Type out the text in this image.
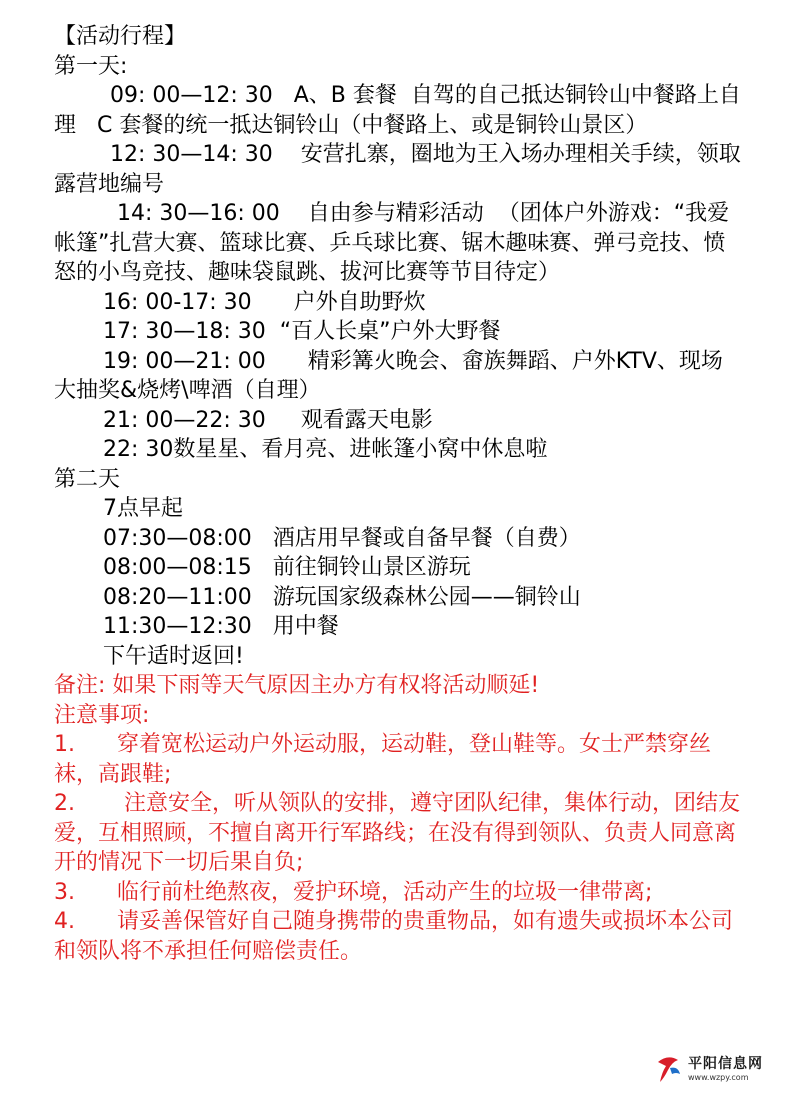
【活动行程】

第一天:

09: 00—12: 30   A、B 套餐  自驾的自己抵达铜铃山中餐路上自理   C 套餐的统一抵达铜铃山（中餐路上、或是铜铃山景区）

12: 30—14: 30    安营扎寨，圈地为王入场办理相关手续，领取露营地编号

14: 30—16: 00    自由参与精彩活动  （团体户外游戏：“我爱帐篷”扎营大赛、篮球比赛、乒乓球比赛、锯木趣味赛、弹弓竞技、愤怒的小鸟竞技、趣味袋鼠跳、拔河比赛等节目待定）

16: 00-17: 30      户外自助野炊

17: 30—18: 30  “百人长桌”户外大野餐

19: 00—21: 00      精彩篝火晚会、畲族舞蹈、户外KTV、现场大抽奖&烧烤\啤酒（自理）

21: 00—22: 30     观看露天电影

22: 30数星星、看月亮、进帐篷小窝中休息啦

第二天

7点早起

07:30—08:00   酒店用早餐或自备早餐（自费）

08:00—08:15   前往铜铃山景区游玩

08:20—11:00   游玩国家级森林公园——铜铃山

11:30—12:30   用中餐

下午适时返回!

备注: 如果下雨等天气原因主办方有权将活动顺延!

注意事项:

1.      穿着宽松运动户外运动服，运动鞋，登山鞋等。女士严禁穿丝袜，高跟鞋;

2.       注意安全，听从领队的安排，遵守团队纪律，集体行动，团结友爱，互相照顾，不擅自离开行军路线；在没有得到领队、负责人同意离开的情况下一切后果自负;

3.      临行前杜绝熬夜，爱护环境，活动产生的垃圾一律带离;

4.      请妥善保管好自己随身携带的贵重物品，如有遗失或损坏本公司和领队将不承担任何赔偿责任。

平阳信息网
www.wzpy.com
